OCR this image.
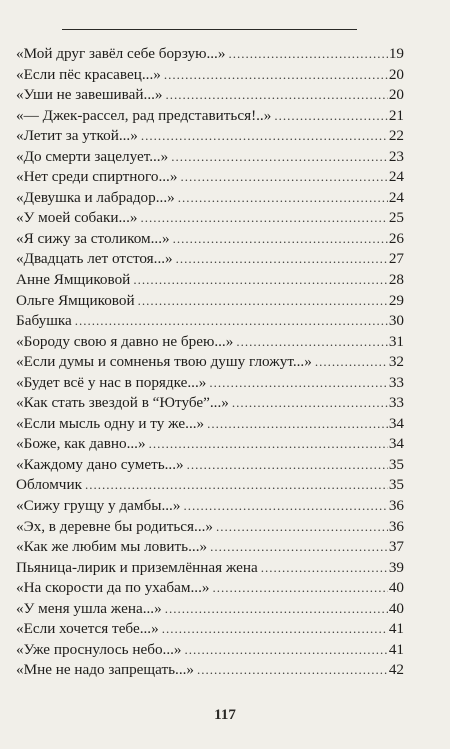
«Мой друг завёл себе борзую...» .....	19
«Если пёс красавец...» .....	20
«Уши не завешивай...» .....	20
«— Джек-рассел, рад представиться!..» .....	21
«Летит за уткой...» .....	22
«До смерти зацелует...» .....	23
«Нет среди спиртного...» .....	24
«Девушка и лабрадор...» .....	24
«У моей собаки...» .....	25
«Я сижу за столиком...» .....	26
«Двадцать лет отстоя...» .....	27
Анне Ямщиковой .....	28
Ольге Ямщиковой .....	29
Бабушка .....	30
«Бороду свою я давно не брею...» .....	31
«Если думы и сомненья твою душу гложут...» .....	32
«Будет всё у нас в порядке...» .....	33
«Как стать звездой в “Ютубе”...» .....	33
«Если мысль одну и ту же...» .....	34
«Боже, как давно...» .....	34
«Каждому дано суметь...» .....	35
Обломчик .....	35
«Сижу грущу у дамбы...» .....	36
«Эх, в деревне бы родиться...» .....	36
«Как же любим мы ловить...» .....	37
Пьяница-лирик и приземлённая жена .....	39
«На скорости да по ухабам...» .....	40
«У меня ушла жена...» .....	40
«Если хочется тебе...» .....	41
«Уже проснулось небо...» .....	41
«Мне не надо запрещать...» .....	42
117
